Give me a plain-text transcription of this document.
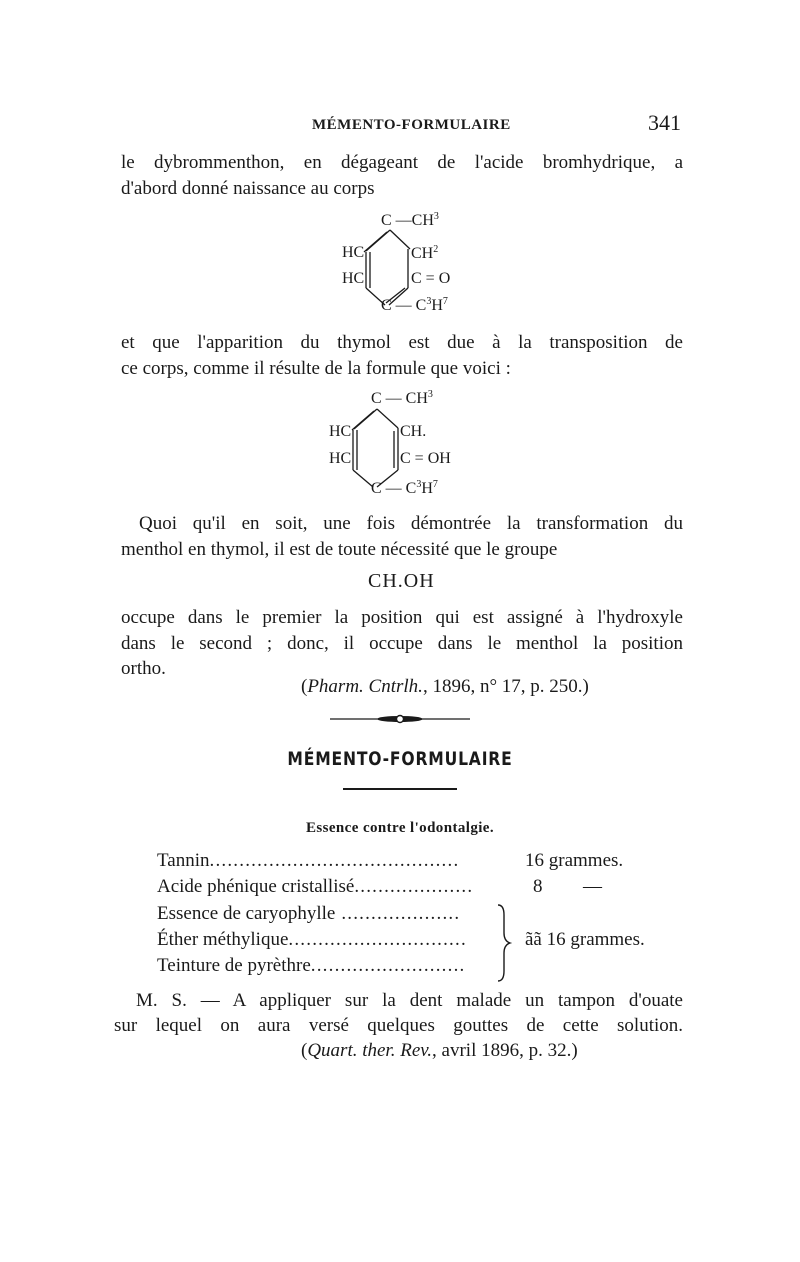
MÉMENTO-FORMULAIRE	341
le dybrommenthon, en dégageant de l'acide bromhydrique, a
d'abord donné naissance au corps
C $—CH^3$
HC	$CH^2$
HC	C = O
C — $C^3H^7$
et que l'apparition du thymol est due à la transposition de
ce corps, comme il résulte de la formule que voici :
C — $CH^3$
HC	CH.
HC	C = OH
C — $C^3H^7$
Quoi qu'il en soit, une fois démontrée la transformation du
menthol en thymol, il est de toute nécessité que le groupe
CH.OH
occupe dans le premier la position qui est assigné à l'hydroxyle
dans le second ; donc, il occupe dans le menthol la position
ortho.
(Pharm. Cntrlh., 1896, n° 17, p. 250.)
MÉMENTO-FORMULAIRE
Essence contre l'odontalgie.
Tannin..........................................	16 grammes.
Acide phénique cristallisé....................	8 —
Essence de caryophylle ....................
Éther méthylique..............................
Teinture de pyrèthre..........................
ãã 16 grammes.
M. S. — A appliquer sur la dent malade un tampon d'ouate
sur lequel on aura versé quelques gouttes de cette solution.
(Quart. ther. Rev., avril 1896, p. 32.)
